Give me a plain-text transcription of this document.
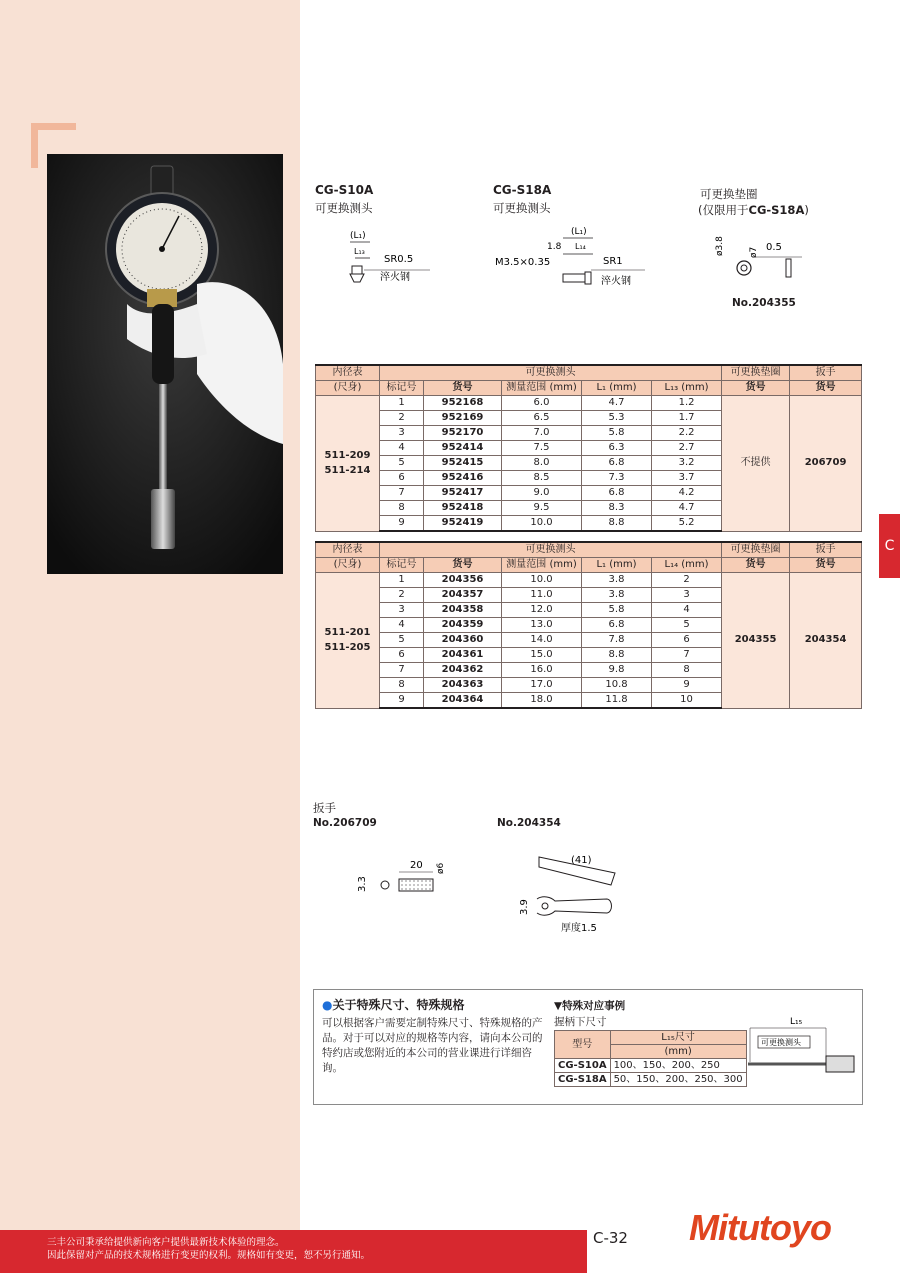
CG-S10A
可更换测头
(L₁)
L₁₃
SR0.5
淬火钢
CG-S18A
可更换测头
(L₁)
1.8 L₁₄
M3.5×0.35	SR1
淬火钢
可更换垫圈
(仅限用于CG-S18A)
ø3.8	ø7 0.5
No.204355
内径表	可更换测头					可更换垫圈	扳手
(尺身)	标记号	货号	测量范围 (mm)	L₁ (mm)	L₁₃ (mm)	货号	货号
511-209
511-214	1	952168	6.0	4.7	1.2	不提供	206709
	2	952169	6.5	5.3	1.7		
	3	952170	7.0	5.8	2.2		
	4	952414	7.5	6.3	2.7		
	5	952415	8.0	6.8	3.2		
	6	952416	8.5	7.3	3.7		
	7	952417	9.0	6.8	4.2		
	8	952418	9.5	8.3	4.7		
	9	952419	10.0	8.8	5.2		
内径表	可更换测头					可更换垫圈	扳手
(尺身)	标记号	货号	测量范围 (mm)	L₁ (mm)	L₁₄ (mm)	货号	货号
511-201
511-205	1	204356	10.0	3.8	2	204355	204354
	2	204357	11.0	3.8	3		
	3	204358	12.0	5.8	4		
	4	204359	13.0	6.8	5		
	5	204360	14.0	7.8	6		
	6	204361	15.0	8.8	7		
	7	204362	16.0	9.8	8		
	8	204363	17.0	10.8	9		
	9	204364	18.0	11.8	10		
C
扳手
No.206709	No.204354
3.3
20 ø6
(41)
3.9
厚度1.5
●关于特殊尺寸、特殊规格
可以根据客户需要定制特殊尺寸、特殊规格的产品。对于可以对应的规格等内容，请向本公司的特约店或您附近的本公司的营业课进行详细咨询。
▼特殊对应事例
握柄下尺寸
型号	L₁₅尺寸
	(mm)
CG-S10A	100、150、200、250
CG-S18A	50、150、200、250、300
L₁₅
可更换测头
三丰公司秉承给提供新向客户提供最新技术体验的理念。
因此保留对产品的技术规格进行变更的权利。规格如有变更，恕不另行通知。
C-32 Mitutoyo
